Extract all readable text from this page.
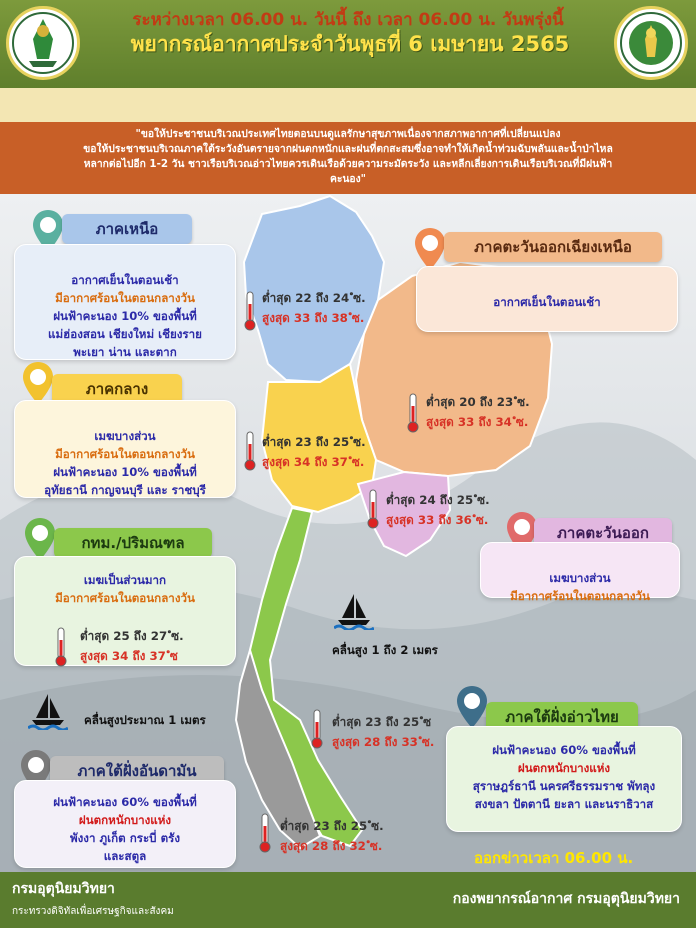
พยากรณ์อากาศประจำวันพุธที่ 6 เมษายน 2565
ระหว่างเวลา 06.00 น. วันนี้ ถึง เวลา 06.00 น. วันพรุ่งนี้
"ขอให้ประชาชนบริเวณประเทศไทยตอนบนดูแลรักษาสุขภาพเนื่องจากสภาพอากาศที่เปลี่ยนแปลง
ขอให้ประชาชนบริเวณภาคใต้ระวังอันตรายจากฝนตกหนักและฝนที่ตกสะสมซึ่งอาจทำให้เกิดน้ำท่วมฉับพลันและน้ำป่าไหล
หลากต่อไปอีก 1-2 วัน ชาวเรือบริเวณอ่าวไทยควรเดินเรือด้วยความระมัดระวัง และหลีกเลี่ยงการเดินเรือบริเวณที่มีฝนฟ้า
คะนอง"
ภาคเหนือ
อากาศเย็นในตอนเช้า
มีอากาศร้อนในตอนกลางวัน
ฝนฟ้าคะนอง 10% ของพื้นที่
แม่ฮ่องสอน เชียงใหม่ เชียงราย
พะเยา น่าน และตาก
ต่ำสุด 22 ถึง 24 ํซ.
สูงสุด 33 ถึง 38 ํซ.
ภาคตะวันออกเฉียงเหนือ
อากาศเย็นในตอนเช้า
ต่ำสุด 20 ถึง 23 ํซ.
สูงสุด 33 ถึง 34 ํซ.
ภาคกลาง
เมฆบางส่วน
มีอากาศร้อนในตอนกลางวัน
ฝนฟ้าคะนอง 10% ของพื้นที่
อุทัยธานี กาญจนบุรี และ ราชบุรี
ต่ำสุด 23 ถึง 25 ํซ.
สูงสุด 34 ถึง 37 ํซ.
ต่ำสุด 24 ถึง 25 ํซ.
สูงสุด 33 ถึง 36 ํซ.
ภาคตะวันออก
เมฆบางส่วน
มีอากาศร้อนในตอนกลางวัน
กทม./ปริมณฑล
เมฆเป็นส่วนมาก
มีอากาศร้อนในตอนกลางวัน
ต่ำสุด 25 ถึง 27 ํซ.
สูงสุด 34 ถึง 37 ํซ	คลื่นสูง 1 ถึง 2 เมตร
คลื่นสูงประมาณ 1 เมตร	ต่ำสุด 23 ถึง 25 ํซ
สูงสุด 28 ถึง 33 ํซ.
ภาคใต้ฝั่งอ่าวไทย
ฝนฟ้าคะนอง 60% ของพื้นที่
ฝนตกหนักบางแห่ง
สุราษฎร์ธานี นครศรีธรรมราช พัทลุง
สงขลา ปัตตานี ยะลา และนราธิวาส
ภาคใต้ฝั่งอันดามัน
ฝนฟ้าคะนอง 60% ของพื้นที่
ฝนตกหนักบางแห่ง
พังงา ภูเก็ต กระบี่ ตรัง
และสตูล
ต่ำสุด 23 ถึง 25 ํซ.
สูงสุด 28 ถึง 32 ํซ.
ออกข่าวเวลา 06.00 น.
กรมอุตุนิยมวิทยา
กระทรวงดิจิทัลเพื่อเศรษฐกิจและสังคม
กองพยากรณ์อากาศ กรมอุตุนิยมวิทยา
